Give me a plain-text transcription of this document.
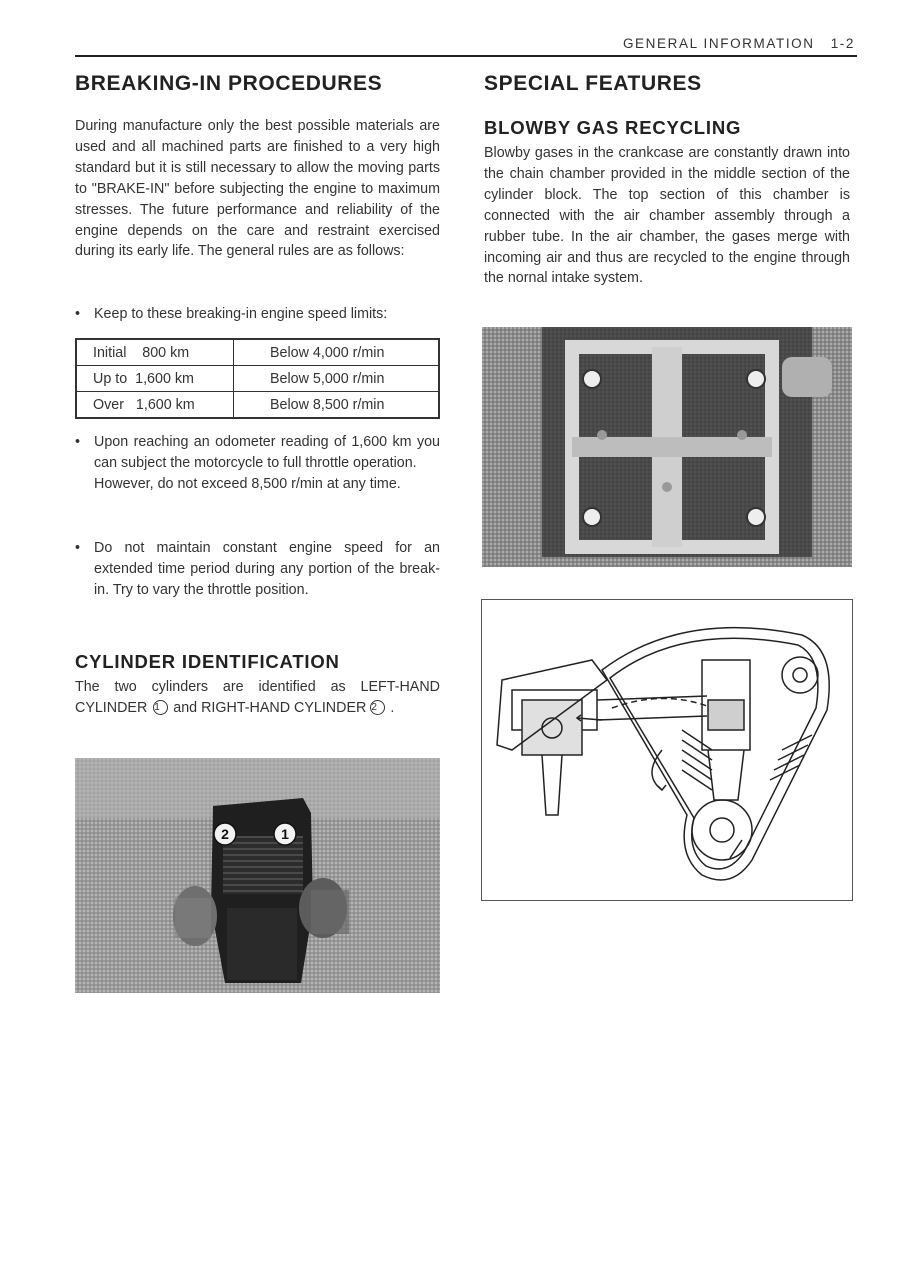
GENERAL INFORMATION 1-2
BREAKING-IN PROCEDURES

During manufacture only the best possible materials are used and all machined parts are finished to a very high standard but it is still necessary to allow the moving parts to "BRAKE-IN" before subjecting the engine to maximum stresses. The future performance and reliability of the engine depends on the care and restraint exercised during its early life. The general rules are as follows:

• Keep to these breaking-in engine speed limits:
Initial    800 km	Below 4,000 r/min
Up to  1,600 km	Below 5,000 r/min
Over   1,600 km	Below 8,500 r/min
• Upon reaching an odometer reading of 1,600 km you can subject the motorcycle to full throttle operation.
However, do not exceed 8,500 r/min at any time.
• Do not maintain constant engine speed for an extended time period during any portion of the break-in. Try to vary the throttle position.
CYLINDER IDENTIFICATION
The two cylinders are identified as LEFT-HAND CYLINDER 1 and RIGHT-HAND CYLINDER 2 .
2	1
SPECIAL FEATURES
BLOWBY GAS RECYCLING

Blowby gases in the crankcase are constantly drawn into the chain chamber provided in the middle section of the cylinder block. The top section of this chamber is connected with the air chamber assembly through a rubber tube. In the air chamber, the gases merge with incoming air and thus are recycled to the engine through the nornal intake system.
